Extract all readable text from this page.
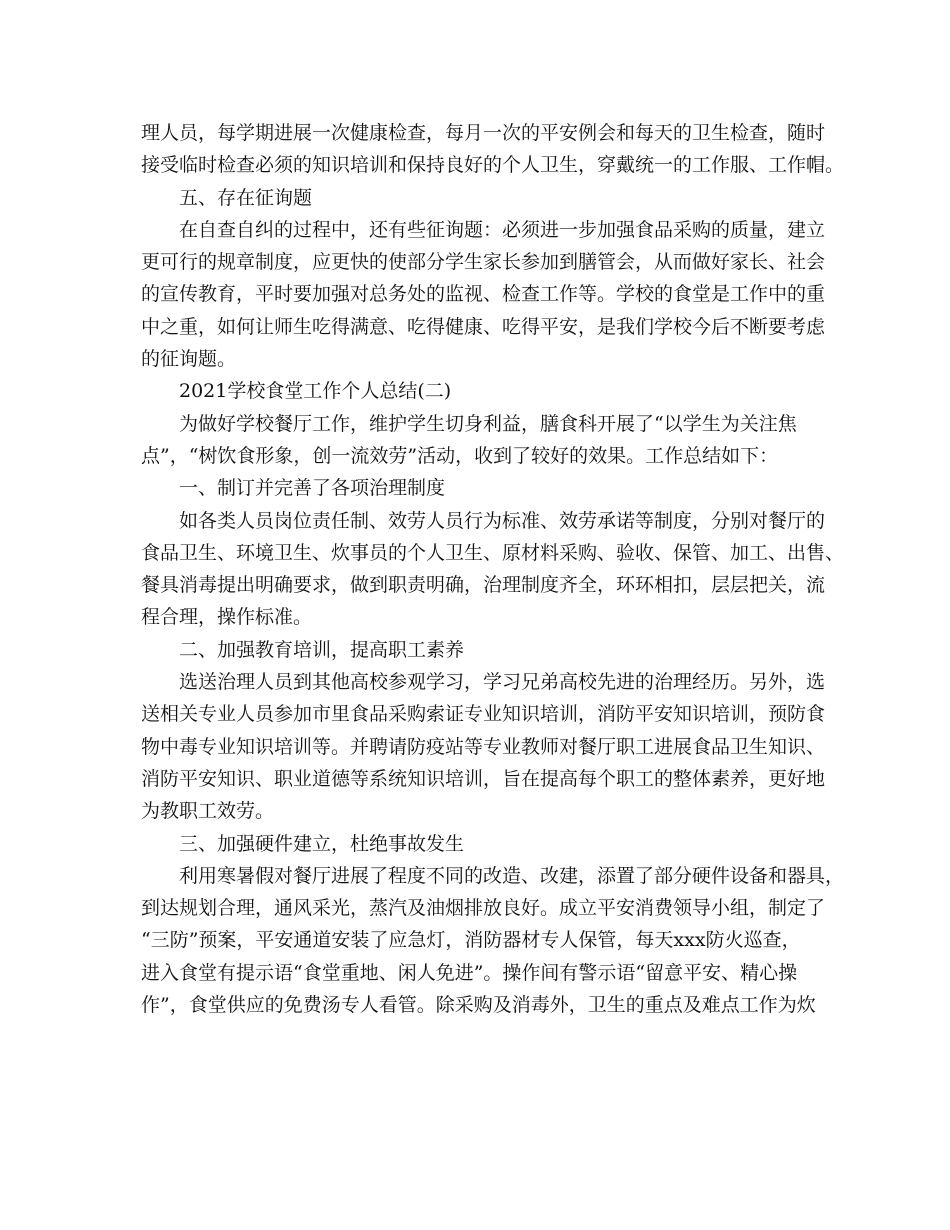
理人员，每学期进展一次健康检查，每月一次的平安例会和每天的卫生检查，随时
接受临时检查必须的知识培训和保持良好的个人卫生，穿戴统一的工作服、工作帽。
五、存在征询题
在自查自纠的过程中，还有些征询题：必须进一步加强食品采购的质量，建立
更可行的规章制度，应更快的使部分学生家长参加到膳管会，从而做好家长、社会
的宣传教育，平时要加强对总务处的监视、检查工作等。学校的食堂是工作中的重
中之重，如何让师生吃得满意、吃得健康、吃得平安，是我们学校今后不断要考虑
的征询题。
2021学校食堂工作个人总结(二)
为做好学校餐厅工作，维护学生切身利益，膳食科开展了“以学生为关注焦
点”，“树饮食形象，创一流效劳”活动，收到了较好的效果。工作总结如下：
一、制订并完善了各项治理制度
如各类人员岗位责任制、效劳人员行为标准、效劳承诺等制度，分别对餐厅的
食品卫生、环境卫生、炊事员的个人卫生、原材料采购、验收、保管、加工、出售、
餐具消毒提出明确要求，做到职责明确，治理制度齐全，环环相扣，层层把关，流
程合理，操作标准。
二、加强教育培训，提高职工素养
选送治理人员到其他高校参观学习，学习兄弟高校先进的治理经历。另外，选
送相关专业人员参加市里食品采购索证专业知识培训，消防平安知识培训，预防食
物中毒专业知识培训等。并聘请防疫站等专业教师对餐厅职工进展食品卫生知识、
消防平安知识、职业道德等系统知识培训，旨在提高每个职工的整体素养，更好地
为教职工效劳。
三、加强硬件建立，杜绝事故发生
利用寒暑假对餐厅进展了程度不同的改造、改建，添置了部分硬件设备和器具，
到达规划合理，通风采光，蒸汽及油烟排放良好。成立平安消费领导小组，制定了
“三防”预案，平安通道安装了应急灯，消防器材专人保管，每天xxx防火巡查，
进入食堂有提示语“食堂重地、闲人免进”。操作间有警示语“留意平安、精心操
作”，食堂供应的免费汤专人看管。除采购及消毒外，卫生的重点及难点工作为炊
